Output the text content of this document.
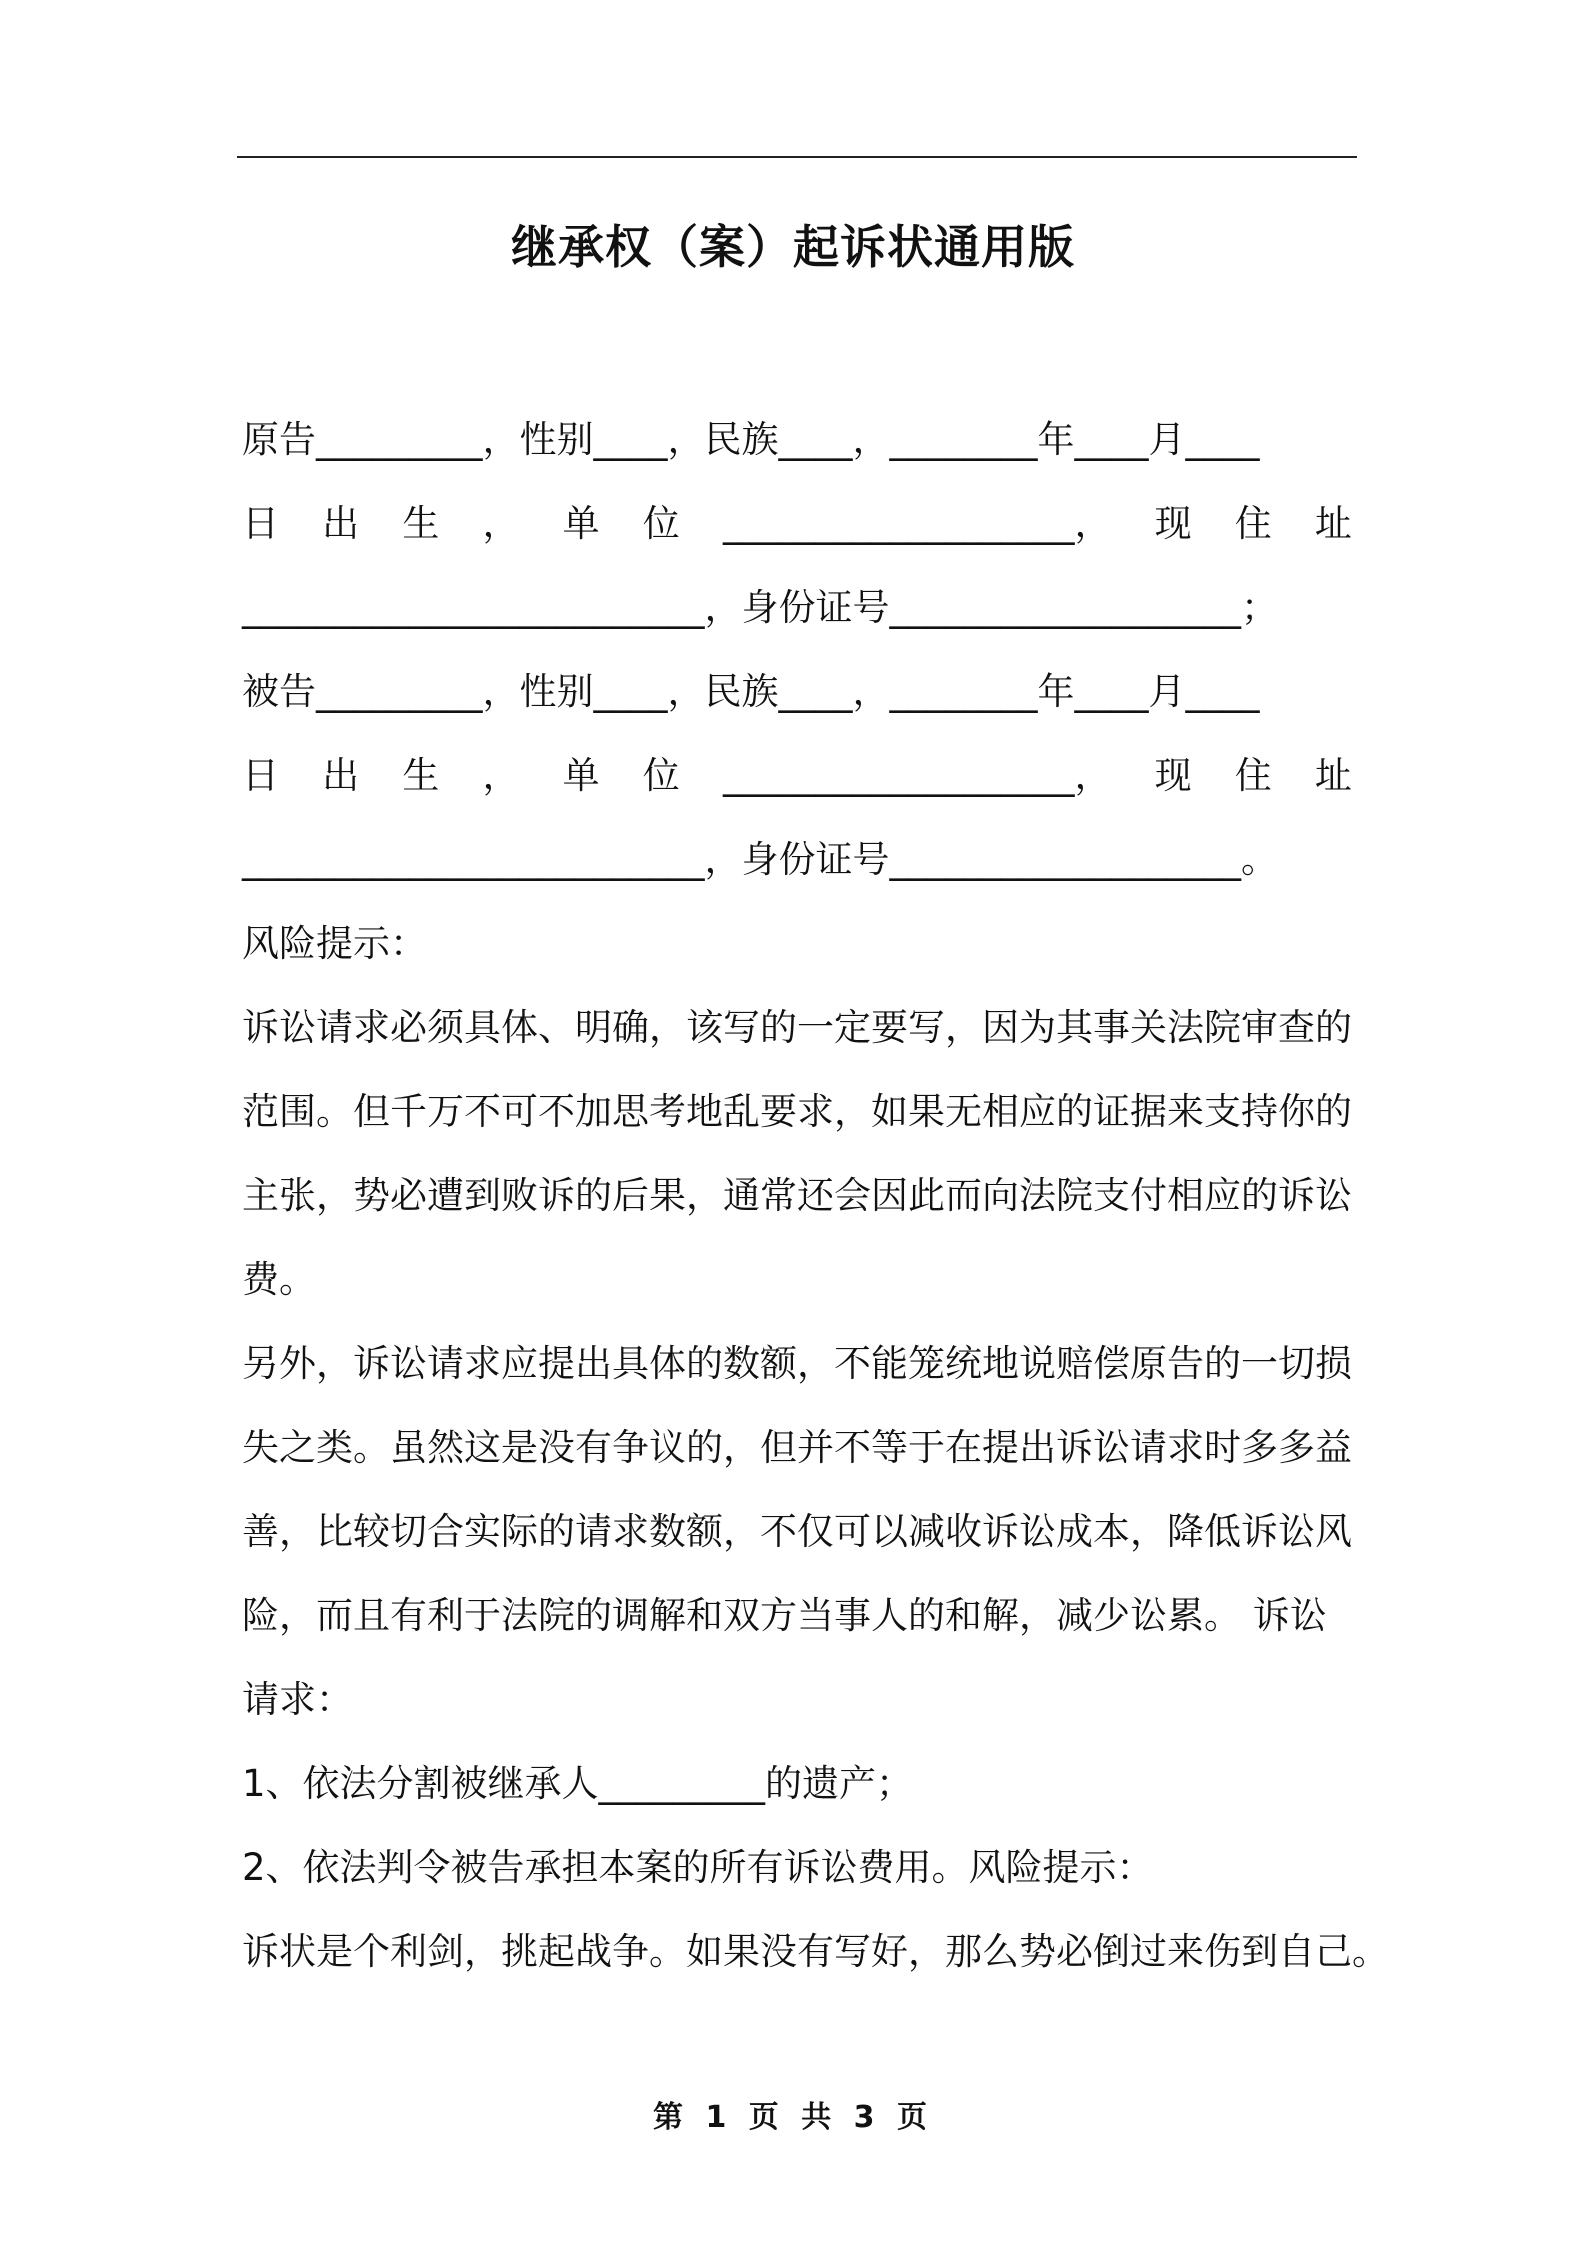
继承权（案）起诉状通用版
原告_________，性别____，民族____，________年____月____
日 出 生 ， 单 位 ___________________， 现 住 址
_________________________，身份证号___________________；
被告_________，性别____，民族____，________年____月____
日 出 生 ， 单 位 ___________________， 现 住 址
_________________________，身份证号___________________。
风险提示：
诉讼请求必须具体、明确，该写的一定要写，因为其事关法院审查的
范围。但千万不可不加思考地乱要求，如果无相应的证据来支持你的
主张，势必遭到败诉的后果，通常还会因此而向法院支付相应的诉讼
费。
另外，诉讼请求应提出具体的数额，不能笼统地说赔偿原告的一切损
失之类。虽然这是没有争议的，但并不等于在提出诉讼请求时多多益
善，比较切合实际的请求数额，不仅可以减收诉讼成本，降低诉讼风
险，而且有利于法院的调解和双方当事人的和解，减少讼累。 诉讼
请求：
1、依法分割被继承人_________的遗产；
2、依法判令被告承担本案的所有诉讼费用。风险提示：
诉状是个利剑，挑起战争。如果没有写好，那么势必倒过来伤到自己。
第 1 页 共 3 页
